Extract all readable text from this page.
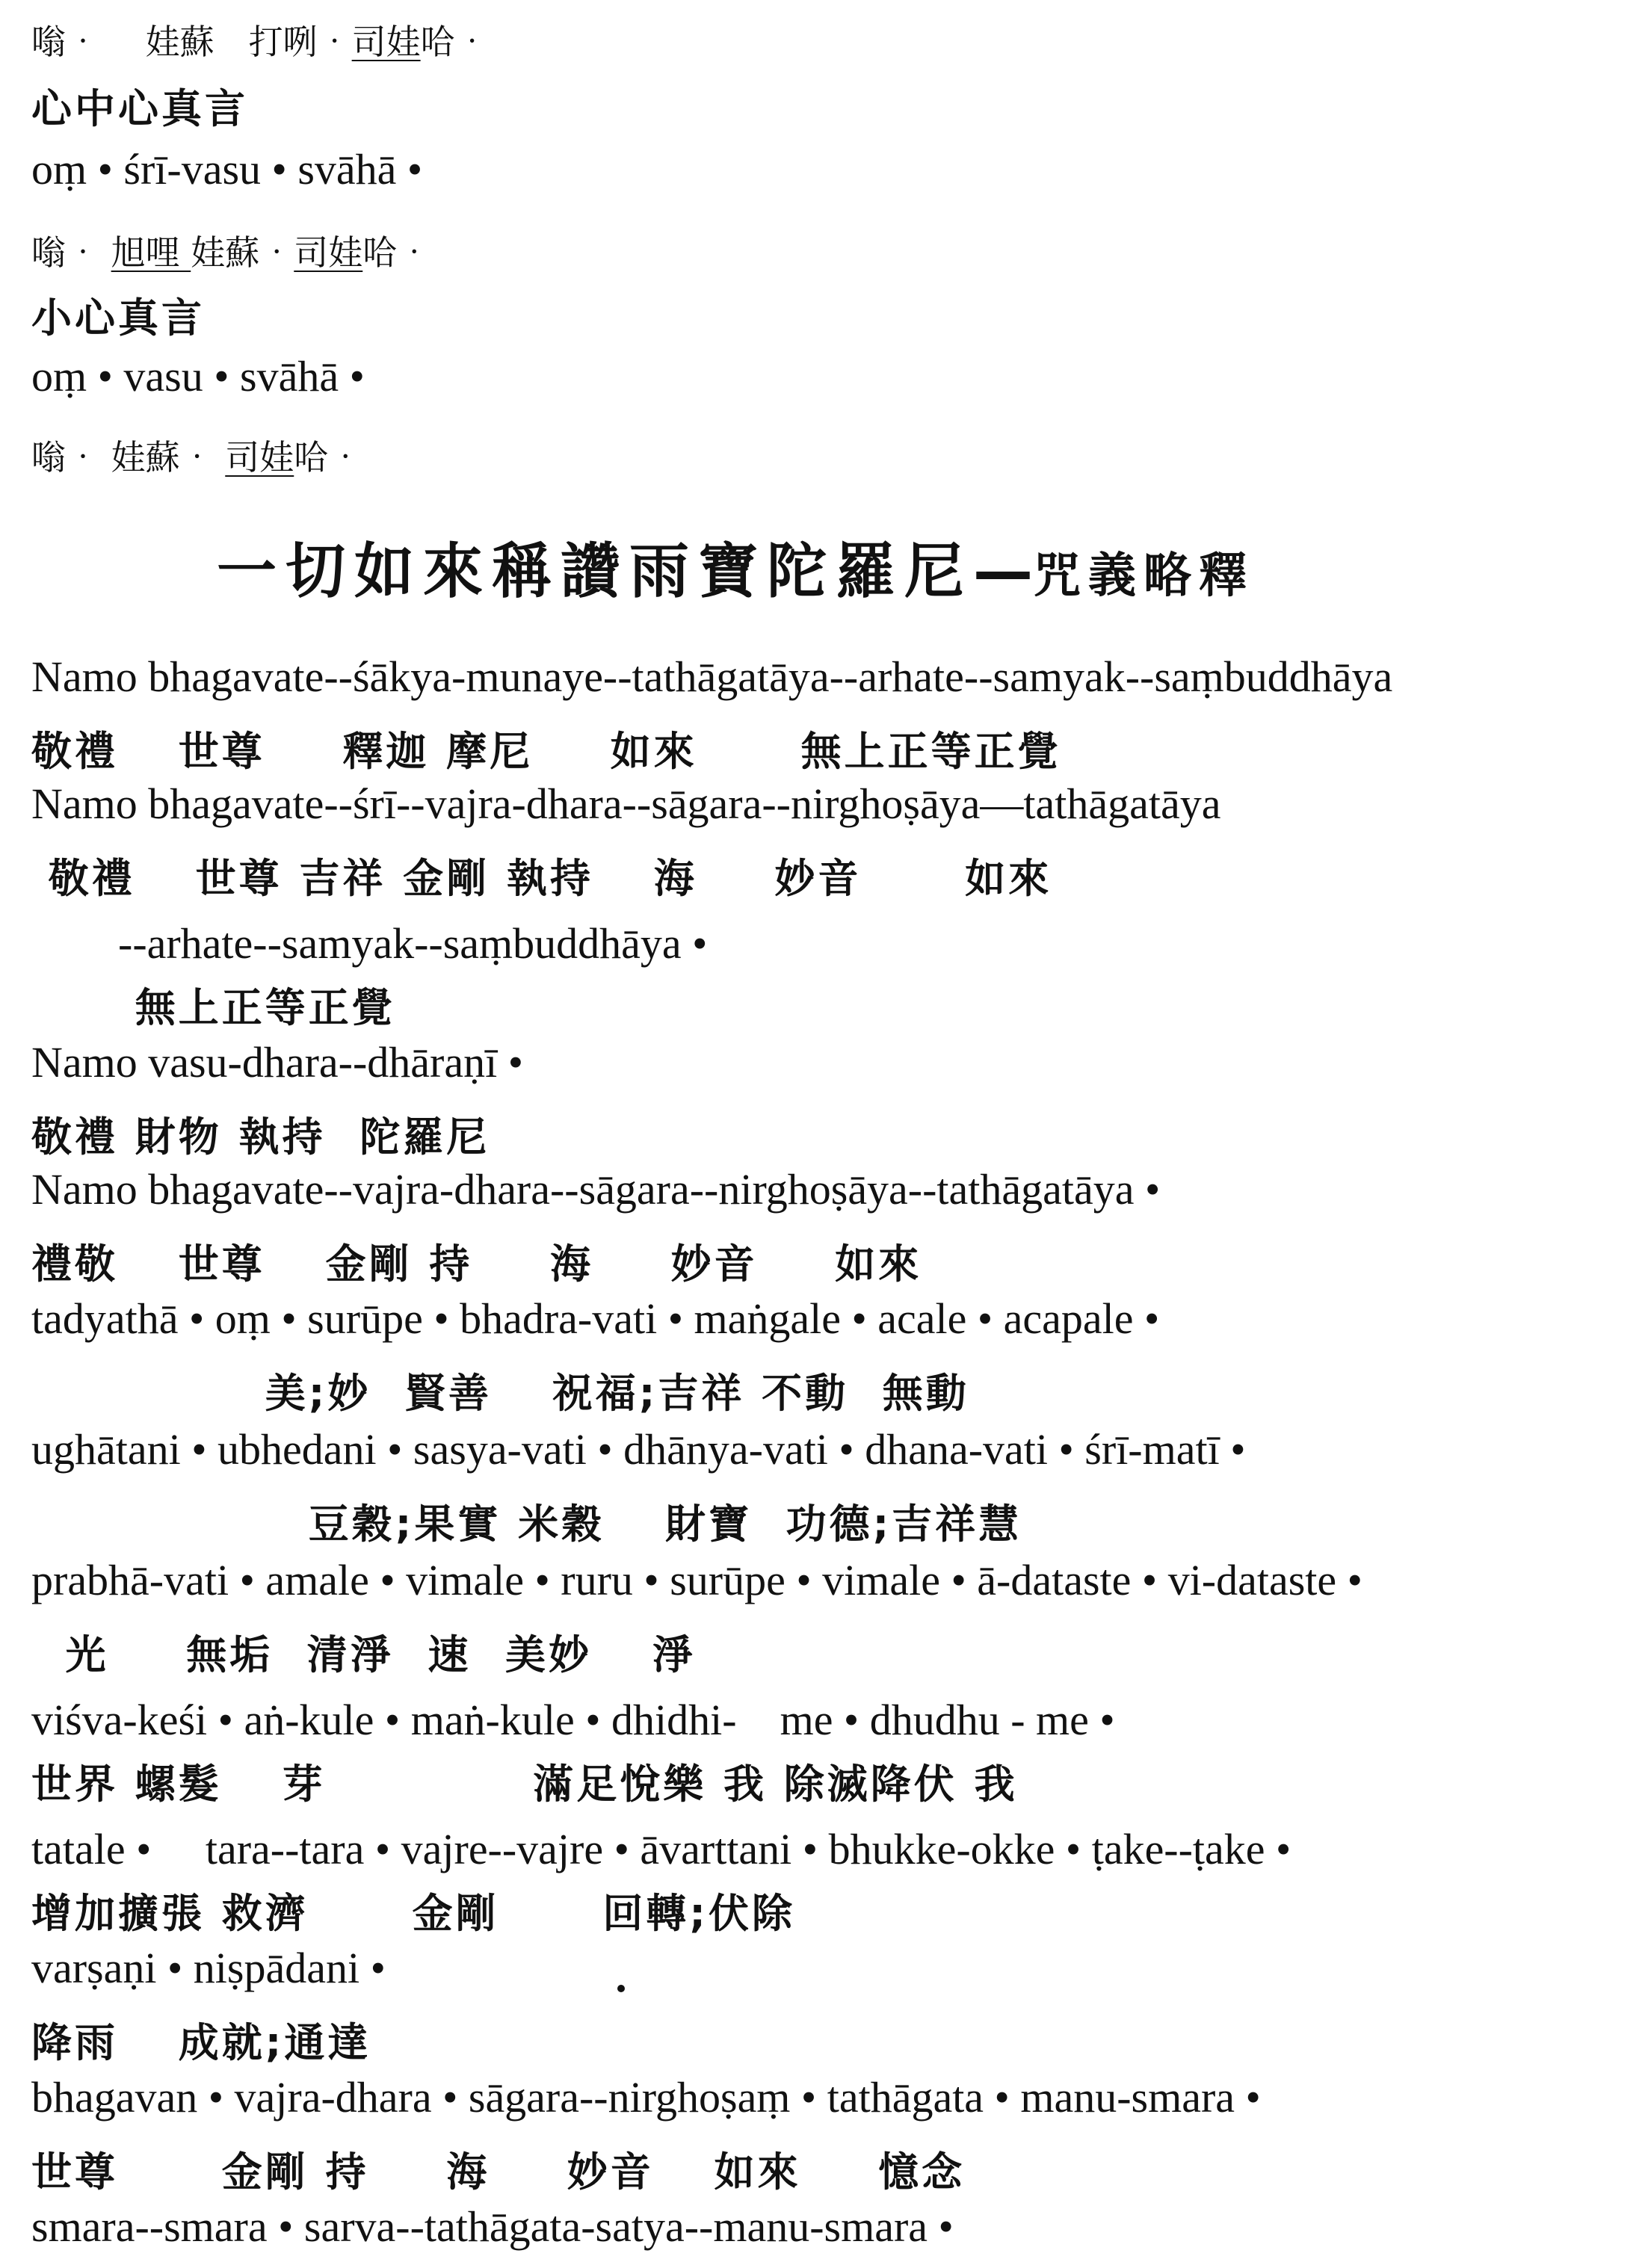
嗡‧　 娃蘇　打咧‧司娃哈‧
心中心真言
oṃ • śrī-vasu • svāhā •
嗡‧ 旭哩 娃蘇‧司娃哈‧
小心真言
oṃ • vasu • svāhā •
嗡‧ 娃蘇‧ 司娃哈‧
一切如來稱讚雨寶陀羅尼—咒義略釋
Namo bhagavate--śākya-munaye--tathāgatāya--arhate--samyak--saṃbuddhāya
敬禮　 世尊　  釋迦 摩尼　  如來　　 無上正等正覺
Namo bhagavate--śrī--vajra-dhara--sāgara--nirghoṣāya—tathāgatāya
敬禮　 世尊 吉祥 金剛 執持　 海　  妙音　　 如來
　　--arhate--samyak--saṃbuddhāya •
　　 無上正等正覺
Namo vasu-dhara--dhāraṇī •
敬禮 財物 執持  陀羅尼
Namo bhagavate--vajra-dhara--sāgara--nirghoṣāya--tathāgatāya •
禮敬　 世尊　 金剛 持　  海　  妙音　  如來
tadyathā • oṃ • surūpe • bhadra-vati • maṅgale • acale • acapale •
　　　　　 美;妙  賢善　 祝福;吉祥 不動  無動
ughātani • ubhedani • sasya-vati • dhānya-vati • dhana-vati • śrī-matī •
　　　　　　 豆穀;果實 米穀　 財寶  功德;吉祥慧
prabhā-vati • amale • vimale • ruru • surūpe • vimale • ā-dataste • vi-dataste •
光　  無垢  清淨  速  美妙　 淨
viśva-keśi • aṅ-kule • maṅ-kule • dhidhi-　me • dhudhu - me •
世界 螺髮　 芽　　　　  滿足悅樂 我 除滅降伏 我
tatale •　 tara--tara • vajre--vajre • āvarttani • bhukke-okke • ṭake--ṭake •
增加擴張 救濟　　 金剛　　 回轉;伏除
varṣaṇi • niṣpādani •
降雨　 成就;通達
bhagavan • vajra-dhara • sāgara--nirghoṣaṃ • tathāgata • manu-smara •
世尊　　 金剛 持　  海　  妙音　 如來　  憶念
smara--smara • sarva--tathāgata-satya--manu-smara •
